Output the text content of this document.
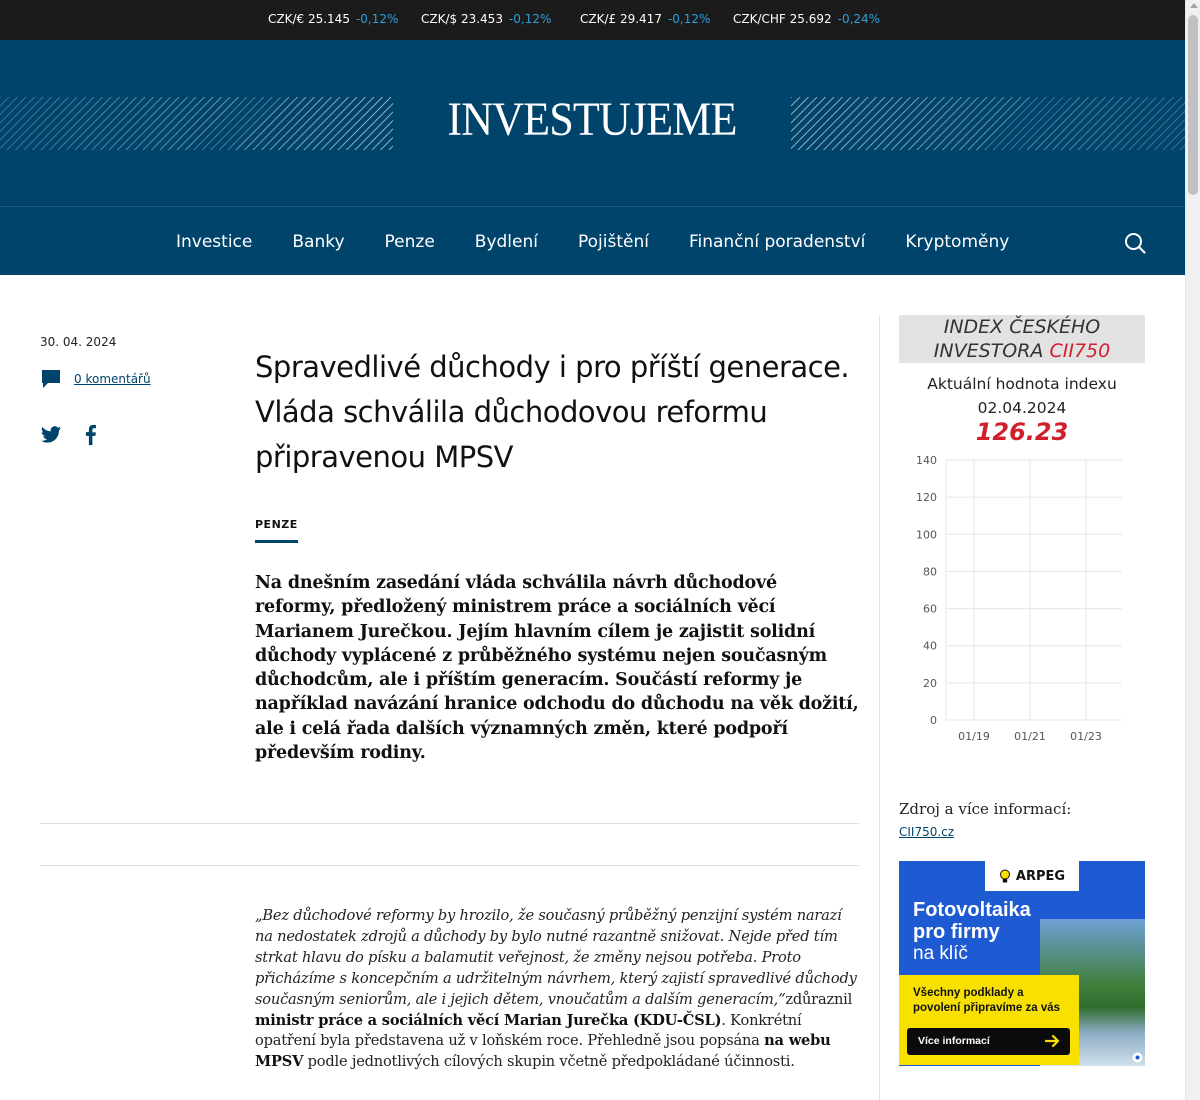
CZK/€ 25.145 -0,12% CZK/$ 23.453 -0,12% CZK/£ 29.417 -0,12% CZK/CHF 25.692 -0,24%
INVESTUJEME
Investice Banky Penze Bydlení Pojištění Finanční poradenství Kryptoměny
30. 04. 2024
0 komentářů	Spravedlivé důchody i pro příští generace. Vláda schválila důchodovou reformu připravenou MPSV
PENZE

Na dnešním zasedání vláda schválila návrh důchodové reformy, předložený ministrem práce a sociálních věcí Marianem Jurečkou. Jejím hlavním cílem je zajistit solidní důchody vyplácené z průběžného systému nejen současným důchodcům, ale i příštím generacím. Součástí reformy je například navázání hranice odchodu do důchodu na věk dožití, ale i celá řada dalších významných změn, které podpoří především rodiny.

„Bez důchodové reformy by hrozilo, že současný průběžný penzijní systém narazí na nedostatek zdrojů a důchody by bylo nutné razantně snižovat. Nejde před tím strkat hlavu do písku a balamutit veřejnost, že změny nejsou potřeba. Proto přicházíme s koncepčním a udržitelným návrhem, který zajistí spravedlivé důchody současným seniorům, ale i jejich dětem, vnoučatům a dalším generacím,“zdůraznil ministr práce a sociálních věcí Marian Jurečka (KDU-ČSL). Konkrétní opatření byla představena už v loňském roce. Přehledně jsou popsána na webu MPSV podle jednotlivých cílových skupin včetně předpokládané účinnosti.

INDEX ČESKÉHO INVESTORA CII750
Aktuální hodnota indexu
02.04.2024
126.23
140
120
100
80
60
40
20
0
01/19 01/21 01/23
Zdroj a více informací:
CII750.cz
ARPEG
Fotovoltaika pro firmy
na klíč
Všechny podklady a povolení připravíme za vás
Více informací
